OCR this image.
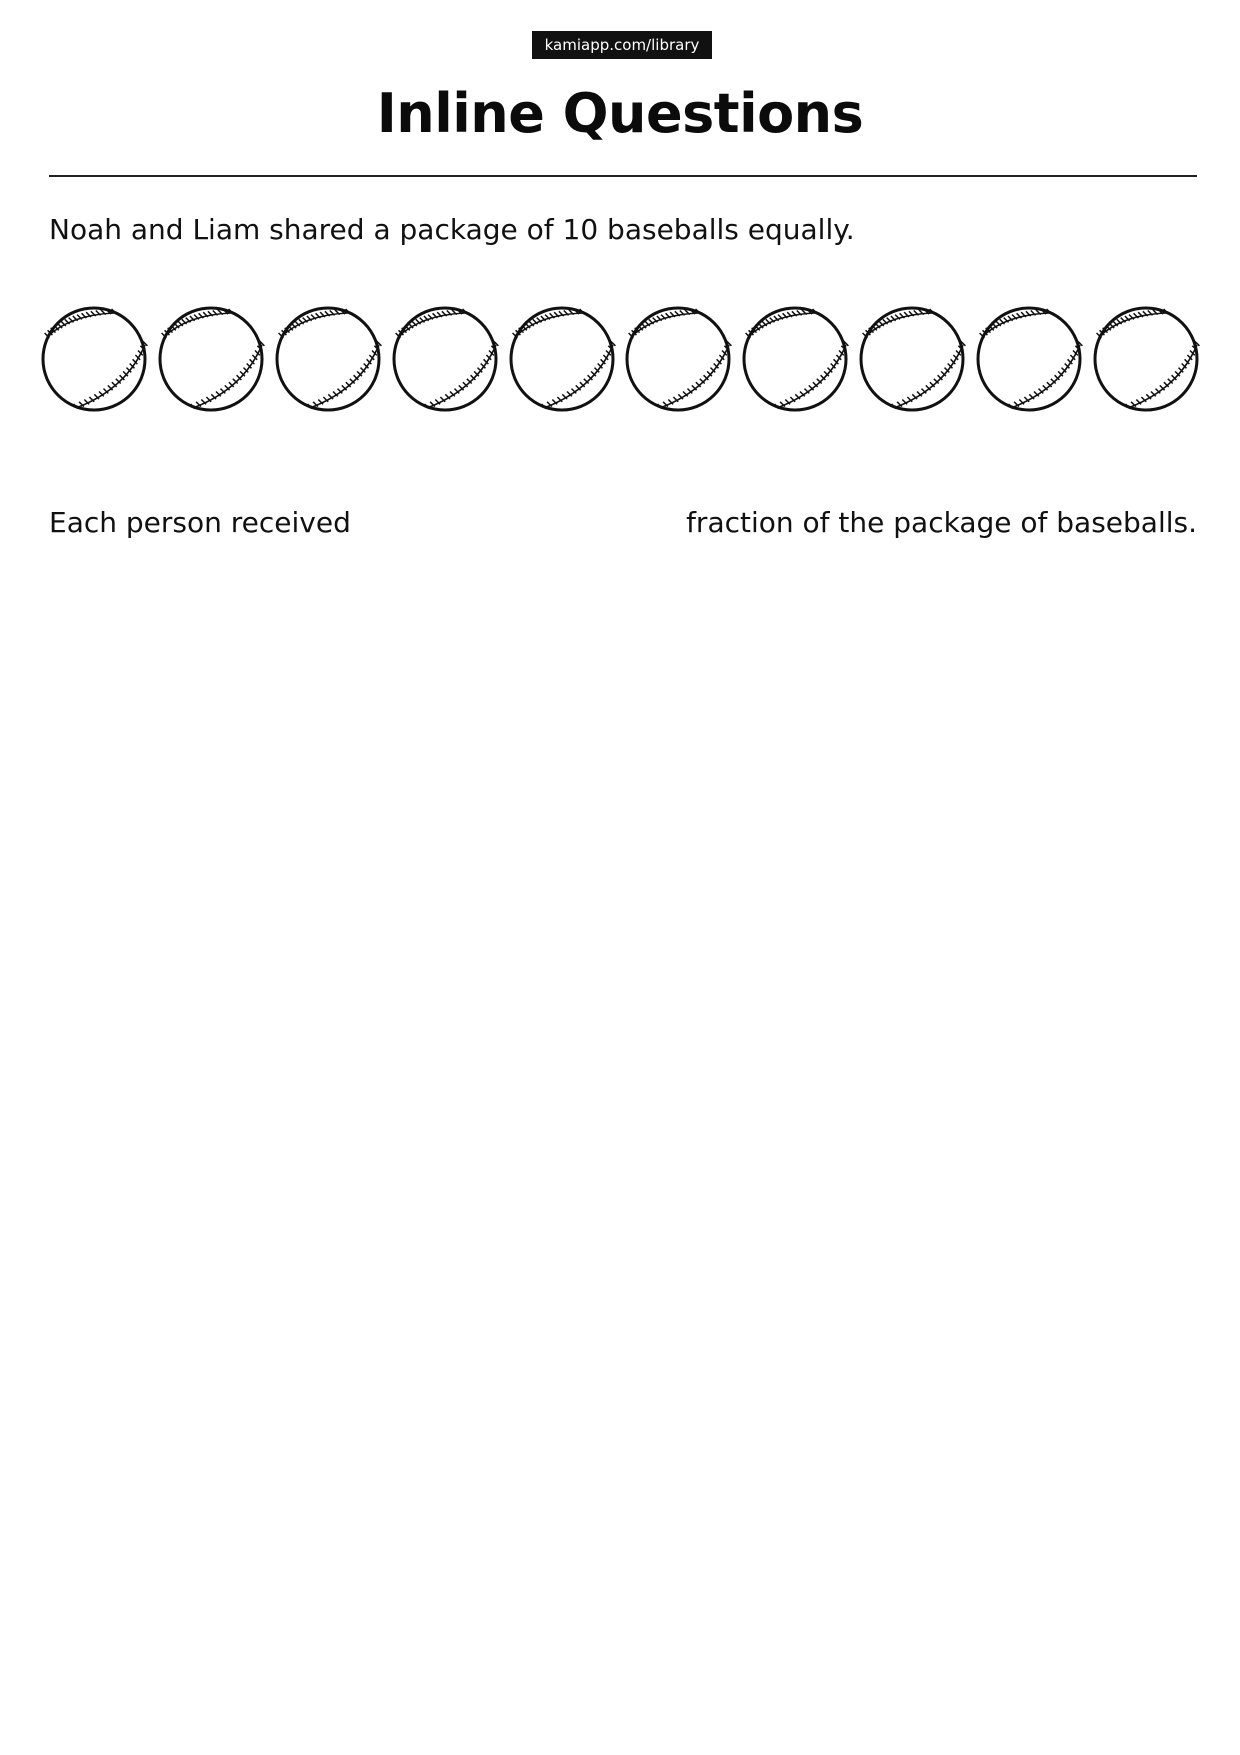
kamiapp.com/library
Inline Questions
Noah and Liam shared a package of 10 baseballs equally.
Each person received	fraction of the package of baseballs.
